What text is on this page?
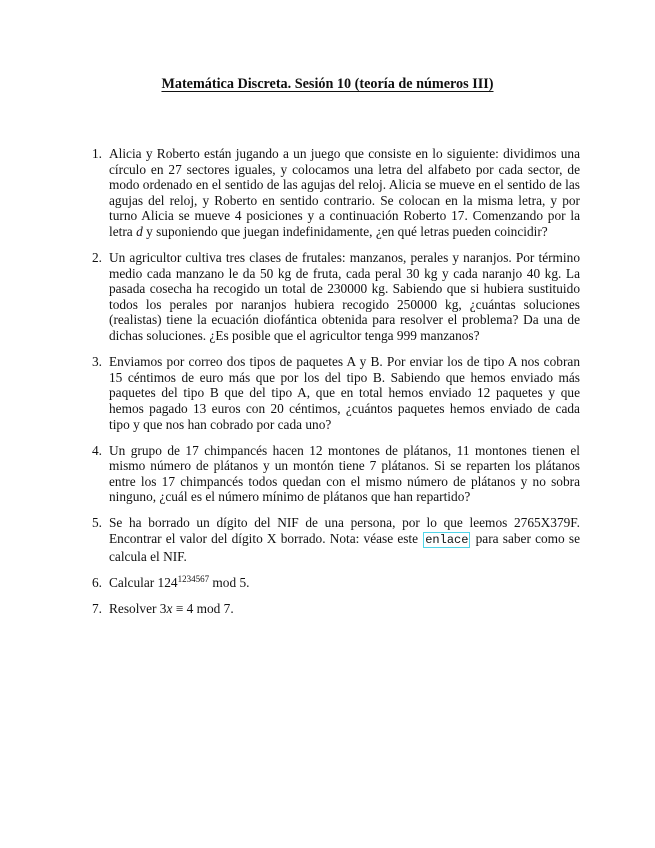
Matemática Discreta. Sesión 10 (teoría de números III)
1. Alicia y Roberto están jugando a un juego que consiste en lo siguiente: dividimos una círculo en 27 sectores iguales, y colocamos una letra del alfabeto por cada sector, de modo ordenado en el sentido de las agujas del reloj. Alicia se mueve en el sentido de las agujas del reloj, y Roberto en sentido contrario. Se colocan en la misma letra, y por turno Alicia se mueve 4 posiciones y a continuación Roberto 17. Comenzando por la letra d y suponiendo que juegan indefinidamente, ¿en qué letras pueden coincidir?
2. Un agricultor cultiva tres clases de frutales: manzanos, perales y naranjos. Por término medio cada manzano le da 50 kg de fruta, cada peral 30 kg y cada naranjo 40 kg. La pasada cosecha ha recogido un total de 230000 kg. Sabiendo que si hubiera sustituido todos los perales por naranjos hubiera recogido 250000 kg, ¿cuántas soluciones (realistas) tiene la ecuación diofántica obtenida para resolver el problema? Da una de dichas soluciones. ¿Es posible que el agricultor tenga 999 manzanos?
3. Enviamos por correo dos tipos de paquetes A y B. Por enviar los de tipo A nos cobran 15 céntimos de euro más que por los del tipo B. Sabiendo que hemos enviado más paquetes del tipo B que del tipo A, que en total hemos enviado 12 paquetes y que hemos pagado 13 euros con 20 céntimos, ¿cuántos paquetes hemos enviado de cada tipo y que nos han cobrado por cada uno?
4. Un grupo de 17 chimpancés hacen 12 montones de plátanos, 11 montones tienen el mismo número de plátanos y un montón tiene 7 plátanos. Si se reparten los plátanos entre los 17 chimpancés todos quedan con el mismo número de plátanos y no sobra ninguno, ¿cuál es el número mínimo de plátanos que han repartido?
5. Se ha borrado un dígito del NIF de una persona, por lo que leemos 2765X379F. Encontrar el valor del dígito X borrado. Nota: véase este enlace para saber como se calcula el NIF.
6. Calcular $124^{1234567}$ mod 5.
7. Resolver 3x ≡ 4 mod 7.
